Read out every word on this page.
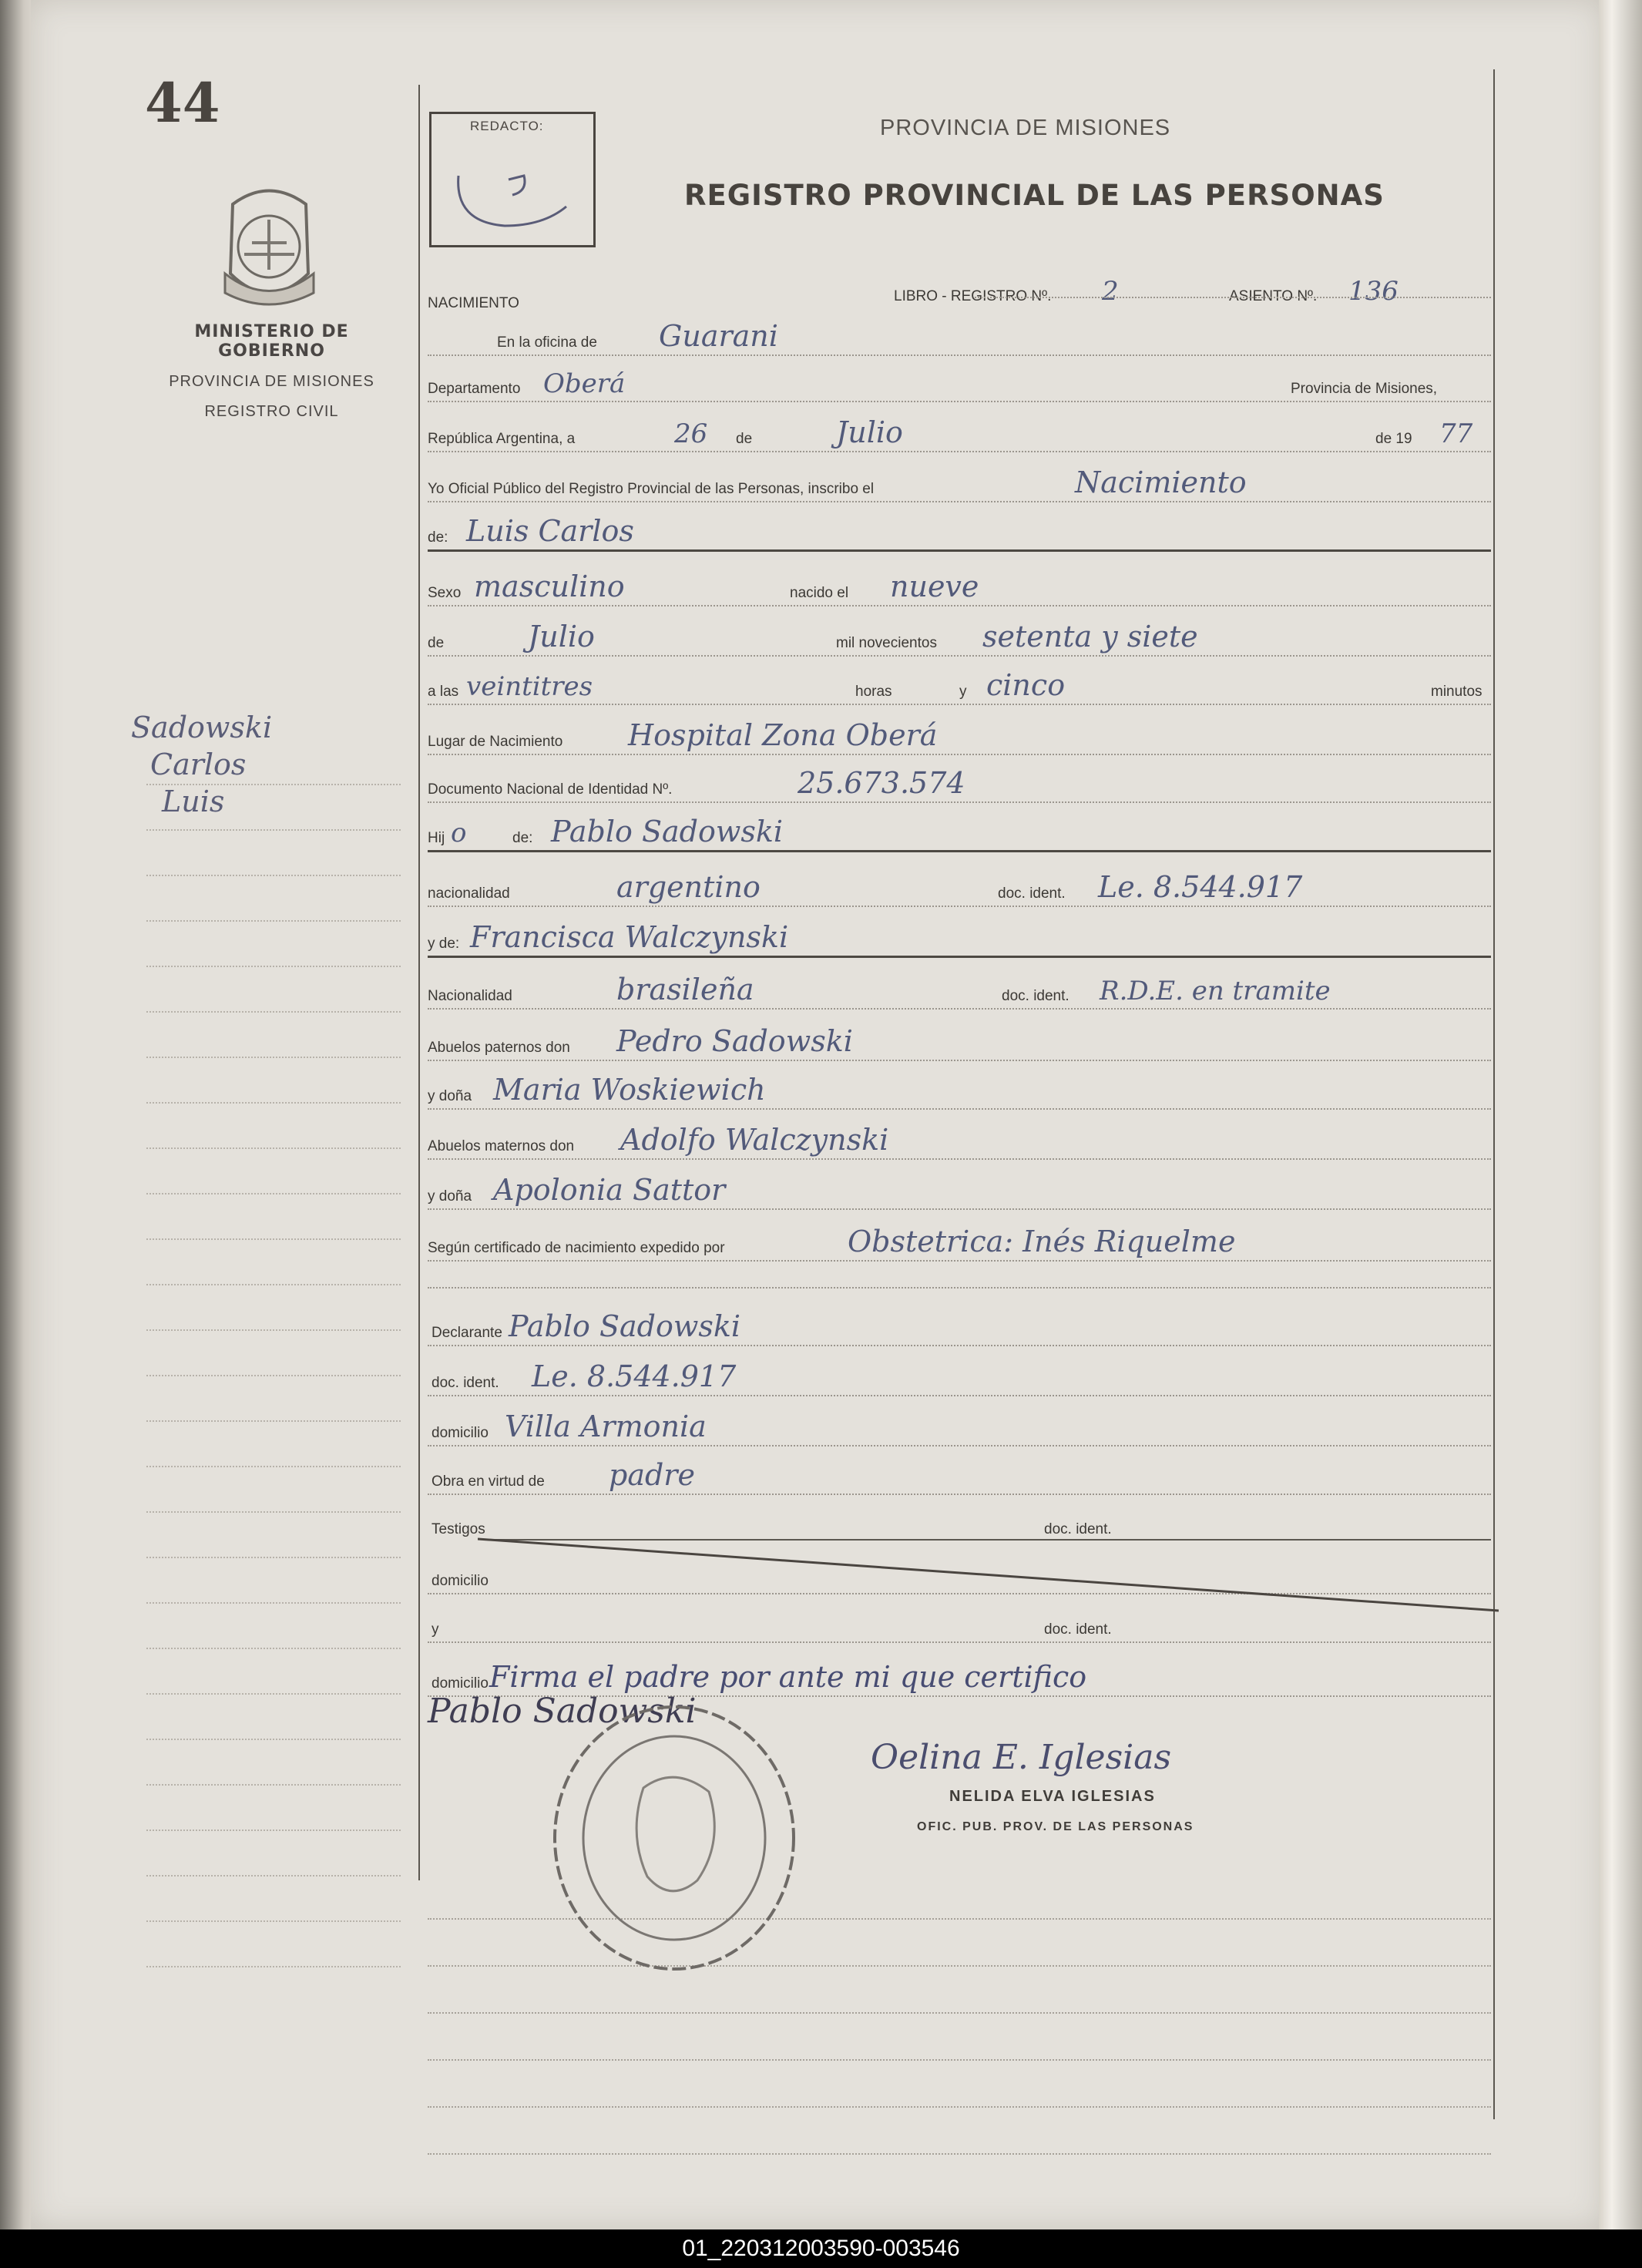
44
MINISTERIO DE GOBIERNO
PROVINCIA DE MISIONES
REGISTRO CIVIL
Sadowski
Carlos
Luis
REDACTO:	PROVINCIA DE MISIONES
REGISTRO PROVINCIAL DE LAS PERSONAS
NACIMIENTO	LIBRO - REGISTRO Nº. 2	ASIENTO Nº. 136
En la oficina de Guarani
Departamento Oberá	Provincia de Misiones,
República Argentina, a	26 de	Julio	de 19 77
Yo Oficial Público del Registro Provincial de las Personas, inscribo el	Nacimiento
de: Luis Carlos
Sexo masculino	nacido el nueve
de	Julio	mil novecientos setenta y siete
a las veintitres	horas	y cinco	minutos
Lugar de Nacimiento Hospital Zona Oberá
Documento Nacional de Identidad Nº.	25.673.574
Hij o	de: Pablo Sadowski
nacionalidad	argentino	doc. ident. Le. 8.544.917
y de: Francisca Walczynski
Nacionalidad	brasileña	doc. ident. R.D.E. en tramite
Abuelos paternos don Pedro Sadowski
y doña Maria Woskiewich
Abuelos maternos don Adolfo Walczynski
y doña Apolonia Sattor
Según certificado de nacimiento expedido por	Obstetrica: Inés Riquelme
Declarante Pablo Sadowski
doc. ident. Le. 8.544.917
domicilio Villa Armonia
Obra en virtud de padre
Testigos	doc. ident.
domicilio
y	doc. ident.
domicilio Firma el padre por ante mi que certifico
Pablo Sadowski
Oelina E. Iglesias
NELIDA ELVA IGLESIAS
OFIC. PUB. PROV. DE LAS PERSONAS
01_220312003590-003546
